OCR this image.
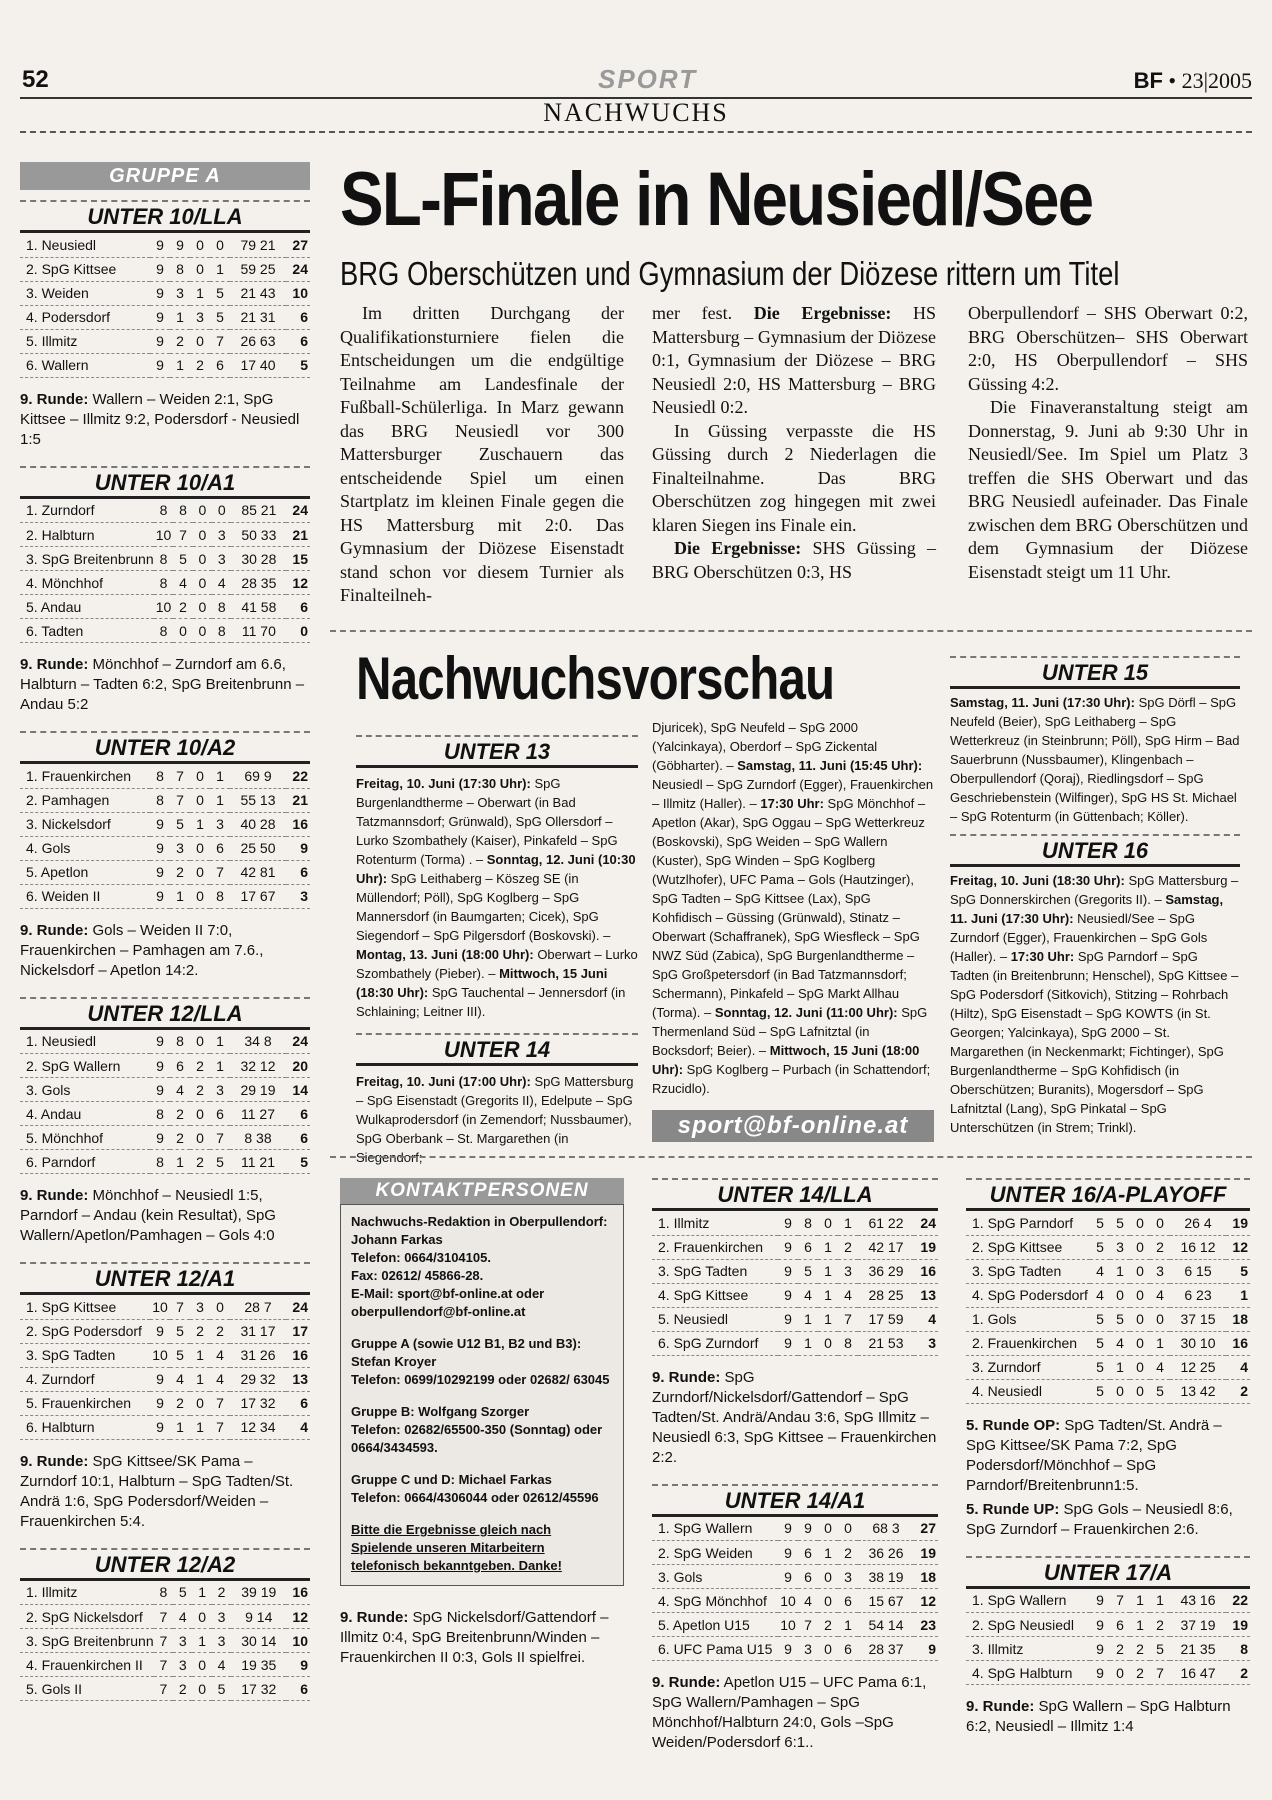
52	SPORT	BF • 23|2005
NACHWUCHS
GRUPPE A
UNTER 10/LLA
1. Neusiedl	9	9	0	0	79 21	27
2. SpG Kittsee	9	8	0	1	59 25	24
3. Weiden	9	3	1	5	21 43	10
4. Podersdorf	9	1	3	5	21 31	6
5. Illmitz	9	2	0	7	26 63	6
6. Wallern	9	1	2	6	17 40	5
9. Runde: Wallern – Weiden 2:1, SpG Kittsee – Illmitz 9:2, Podersdorf - Neusiedl 1:5
UNTER 10/A1
1. Zurndorf	8	8	0	0	85 21	24
2. Halbturn	10	7	0	3	50 33	21
3. SpG Breitenbrunn	8	5	0	3	30 28	15
4. Mönchhof	8	4	0	4	28 35	12
5. Andau	10	2	0	8	41 58	6
6. Tadten	8	0	0	8	11 70	0
9. Runde: Mönchhof – Zurndorf am 6.6, Halbturn – Tadten 6:2, SpG Breitenbrunn – Andau 5:2
UNTER 10/A2
1. Frauenkirchen	8	7	0	1	69 9	22
2. Pamhagen	8	7	0	1	55 13	21
3. Nickelsdorf	9	5	1	3	40 28	16
4. Gols	9	3	0	6	25 50	9
5. Apetlon	9	2	0	7	42 81	6
6. Weiden II	9	1	0	8	17 67	3
9. Runde: Gols – Weiden II 7:0, Frauenkirchen – Pamhagen am 7.6., Nickelsdorf – Apetlon 14:2.
UNTER 12/LLA
1. Neusiedl	9	8	0	1	34 8	24
2. SpG Wallern	9	6	2	1	32 12	20
3. Gols	9	4	2	3	29 19	14
4. Andau	8	2	0	6	11 27	6
5. Mönchhof	9	2	0	7	8 38	6
6. Parndorf	8	1	2	5	11 21	5
9. Runde: Mönchhof – Neusiedl 1:5, Parndorf – Andau (kein Resultat), SpG Wallern/Apetlon/Pamhagen – Gols 4:0
UNTER 12/A1
1. SpG Kittsee	10	7	3	0	28 7	24
2. SpG Podersdorf	9	5	2	2	31 17	17
3. SpG Tadten	10	5	1	4	31 26	16
4. Zurndorf	9	4	1	4	29 32	13
5. Frauenkirchen	9	2	0	7	17 32	6
6. Halbturn	9	1	1	7	12 34	4
9. Runde: SpG Kittsee/SK Pama – Zurndorf 10:1, Halbturn – SpG Tadten/St. Andrä 1:6, SpG Podersdorf/Weiden – Frauenkirchen 5:4.
UNTER 12/A2
1. Illmitz	8	5	1	2	39 19	16
2. SpG Nickelsdorf	7	4	0	3	9 14	12
3. SpG Breitenbrunn	7	3	1	3	30 14	10
4. Frauenkirchen II	7	3	0	4	19 35	9
5. Gols II	7	2	0	5	17 32	6
SL-Finale in Neusiedl/See
BRG Oberschützen und Gymnasium der Diözese rittern um Titel

Im dritten Durchgang der Qualifikationsturniere fielen die Entscheidungen um die endgültige Teilnahme am Landesfinale der Fußball-Schülerliga. In Marz gewann das BRG Neusiedl vor 300 Mattersburger Zuschauern das entscheidende Spiel um einen Startplatz im kleinen Finale gegen die HS Mattersburg mit 2:0. Das Gymnasium der Diözese Eisenstadt stand schon vor diesem Turnier als Finalteilneh-

mer fest. Die Ergebnisse: HS Mattersburg – Gymnasium der Diözese 0:1, Gymnasium der Diözese – BRG Neusiedl 2:0, HS Mattersburg – BRG Neusiedl 0:2.

In Güssing verpasste die HS Güssing durch 2 Niederlagen die Finalteilnahme. Das BRG Oberschützen zog hingegen mit zwei klaren Siegen ins Finale ein.

Die Ergebnisse: SHS Güssing – BRG Oberschützen 0:3, HS

Oberpullendorf – SHS Oberwart 0:2, BRG Oberschützen– SHS Oberwart 2:0, HS Oberpullendorf – SHS Güssing 4:2.

Die Finaveranstaltung steigt am Donnerstag, 9. Juni ab 9:30 Uhr in Neusiedl/See. Im Spiel um Platz 3 treffen die SHS Oberwart und das BRG Neusiedl aufeinader. Das Finale zwischen dem BRG Oberschützen und dem Gymnasium der Diözese Eisenstadt steigt um 11 Uhr.

Nachwuchsvorschau
UNTER 13
Freitag, 10. Juni (17:30 Uhr): SpG Burgenlandtherme – Oberwart (in Bad Tatzmannsdorf; Grünwald), SpG Ollersdorf – Lurko Szombathely (Kaiser), Pinkafeld – SpG Rotenturm (Torma) . – Sonntag, 12. Juni (10:30 Uhr): SpG Leithaberg – Köszeg SE (in Müllendorf; Pöll), SpG Koglberg – SpG Mannersdorf (in Baumgarten; Cicek), SpG Siegendorf – SpG Pilgersdorf (Boskovski). – Montag, 13. Juni (18:00 Uhr): Oberwart – Lurko Szombathely (Pieber). – Mittwoch, 15 Juni (18:30 Uhr): SpG Tauchental – Jennersdorf (in Schlaining; Leitner III).
UNTER 14
Freitag, 10. Juni (17:00 Uhr): SpG Mattersburg – SpG Eisenstadt (Gregorits II), Edelpute – SpG Wulkaprodersdorf (in Zemendorf; Nussbaumer), SpG Oberbank – St. Margarethen (in Siegendorf;
Djuricek), SpG Neufeld – SpG 2000 (Yalcinkaya), Oberdorf – SpG Zickental (Göbharter). – Samstag, 11. Juni (15:45 Uhr): Neusiedl – SpG Zurndorf (Egger), Frauenkirchen – Illmitz (Haller). – 17:30 Uhr: SpG Mönchhof – Apetlon (Akar), SpG Oggau – SpG Wetterkreuz (Boskovski), SpG Weiden – SpG Wallern (Kuster), SpG Winden – SpG Koglberg (Wutzlhofer), UFC Pama – Gols (Hautzinger), SpG Tadten – SpG Kittsee (Lax), SpG Kohfidisch – Güssing (Grünwald), Stinatz – Oberwart (Schaffranek), SpG Wiesfleck – SpG NWZ Süd (Zabica), SpG Burgenlandtherme – SpG Großpetersdorf (in Bad Tatzmannsdorf; Schermann), Pinkafeld – SpG Markt Allhau (Torma). – Sonntag, 12. Juni (11:00 Uhr): SpG Thermenland Süd – SpG Lafnitztal (in Bocksdorf; Beier). – Mittwoch, 15 Juni (18:00 Uhr): SpG Koglberg – Purbach (in Schattendorf; Rzucidlo).
sport@bf-online.at
UNTER 15
Samstag, 11. Juni (17:30 Uhr): SpG Dörfl – SpG Neufeld (Beier), SpG Leithaberg – SpG Wetterkreuz (in Steinbrunn; Pöll), SpG Hirm – Bad Sauerbrunn (Nussbaumer), Klingenbach – Oberpullendorf (Qoraj), Riedlingsdorf – SpG Geschriebenstein (Wilfinger), SpG HS St. Michael – SpG Rotenturm (in Güttenbach; Köller).
UNTER 16
Freitag, 10. Juni (18:30 Uhr): SpG Mattersburg – SpG Donnerskirchen (Gregorits II). – Samstag, 11. Juni (17:30 Uhr): Neusiedl/See – SpG Zurndorf (Egger), Frauenkirchen – SpG Gols (Haller). – 17:30 Uhr: SpG Parndorf – SpG Tadten (in Breitenbrunn; Henschel), SpG Kittsee – SpG Podersdorf (Sitkovich), Stitzing – Rohrbach (Hiltz), SpG Eisenstadt – SpG KOWTS (in St. Georgen; Yalcinkaya), SpG 2000 – St. Margarethen (in Neckenmarkt; Fichtinger), SpG Burgenlandtherme – SpG Kohfidisch (in Oberschützen; Buranits), Mogersdorf – SpG Lafnitztal (Lang), SpG Pinkatal – SpG Unterschützen (in Strem; Trinkl).
KONTAKTPERSONEN

Nachwuchs-Redaktion in Oberpullendorf: Johann Farkas
Telefon: 0664/3104105.
Fax: 02612/ 45866-28.
E-Mail: sport@bf-online.at oder oberpullendorf@bf-online.at

Gruppe A (sowie U12 B1, B2 und B3): Stefan Kroyer
Telefon: 0699/10292199 oder 02682/ 63045

Gruppe B: Wolfgang Szorger
Telefon: 02682/65500-350 (Sonntag) oder 0664/3434593.

Gruppe C und D: Michael Farkas
Telefon: 0664/4306044 oder 02612/45596

Bitte die Ergebnisse gleich nach Spielende unseren Mitarbeitern telefonisch bekanntgeben. Danke!

9. Runde: SpG Nickelsdorf/Gattendorf – Illmitz 0:4, SpG Breitenbrunn/Winden – Frauenkirchen II 0:3, Gols II spielfrei.
UNTER 14/LLA
1. Illmitz	9	8	0	1	61 22	24
2. Frauenkirchen	9	6	1	2	42 17	19
3. SpG Tadten	9	5	1	3	36 29	16
4. SpG Kittsee	9	4	1	4	28 25	13
5. Neusiedl	9	1	1	7	17 59	4
6. SpG Zurndorf	9	1	0	8	21 53	3
9. Runde: SpG Zurndorf/Nickelsdorf/Gattendorf – SpG Tadten/St. Andrä/Andau 3:6, SpG Illmitz – Neusiedl 6:3, SpG Kittsee – Frauenkirchen 2:2.
UNTER 14/A1
1. SpG Wallern	9	9	0	0	68 3	27
2. SpG Weiden	9	6	1	2	36 26	19
3. Gols	9	6	0	3	38 19	18
4. SpG Mönchhof	10	4	0	6	15 67	12
5. Apetlon U15	10	7	2	1	54 14	23
6. UFC Pama U15	9	3	0	6	28 37	9
9. Runde: Apetlon U15 – UFC Pama 6:1, SpG Wallern/Pamhagen – SpG Mönchhof/Halbturn 24:0, Gols –SpG Weiden/Podersdorf 6:1..
UNTER 16/A-PLAYOFF
1. SpG Parndorf	5	5	0	0	26 4	19
2. SpG Kittsee	5	3	0	2	16 12	12
3. SpG Tadten	4	1	0	3	6 15	5
4. SpG Podersdorf	4	0	0	4	6 23	1
1. Gols	5	5	0	0	37 15	18
2. Frauenkirchen	5	4	0	1	30 10	16
3. Zurndorf	5	1	0	4	12 25	4
4. Neusiedl	5	0	0	5	13 42	2
5. Runde OP: SpG Tadten/St. Andrä – SpG Kittsee/SK Pama 7:2, SpG Podersdorf/Mönchhof – SpG Parndorf/Breitenbrunn1:5.
5. Runde UP: SpG Gols – Neusiedl 8:6, SpG Zurndorf – Frauenkirchen 2:6.
UNTER 17/A
1. SpG Wallern	9	7	1	1	43 16	22
2. SpG Neusiedl	9	6	1	2	37 19	19
3. Illmitz	9	2	2	5	21 35	8
4. SpG Halbturn	9	0	2	7	16 47	2
9. Runde: SpG Wallern – SpG Halbturn 6:2, Neusiedl – Illmitz 1:4
